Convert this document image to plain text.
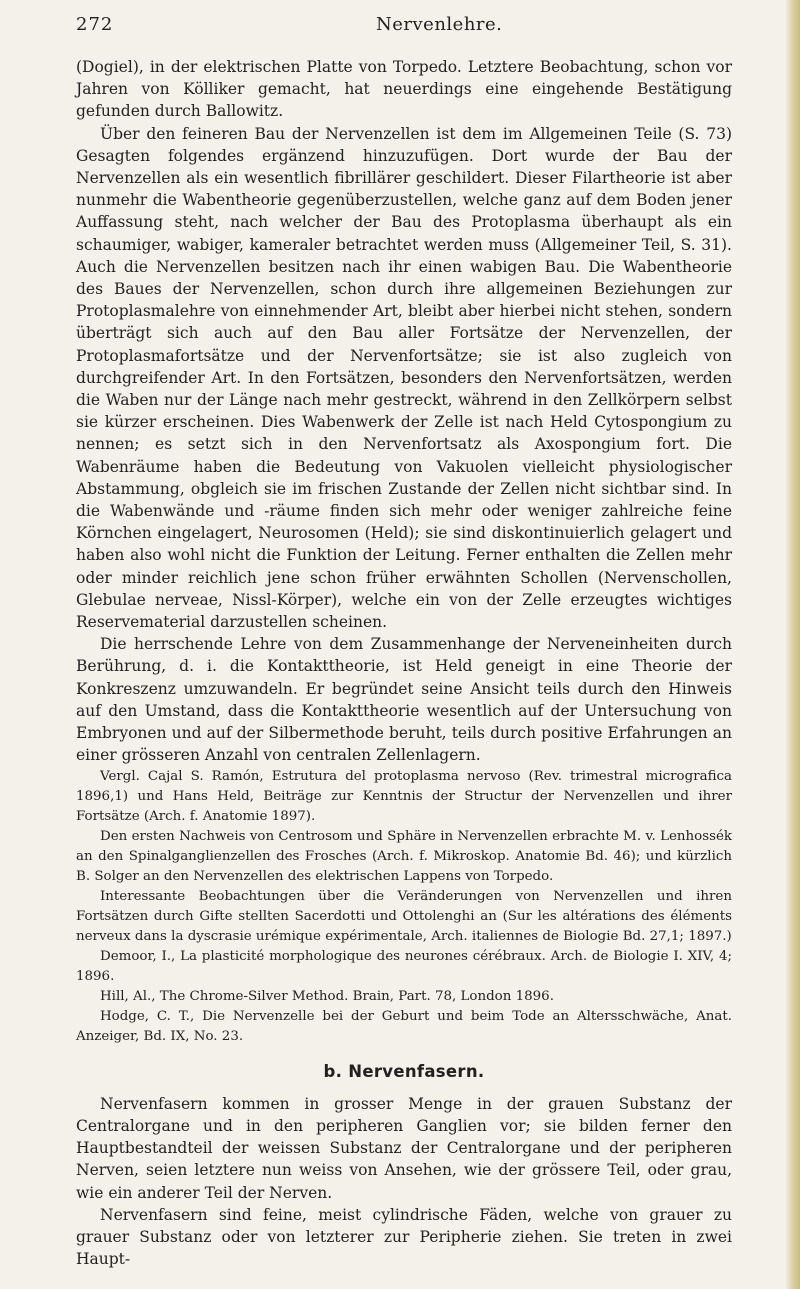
272	Nervenlehre.

(Dogiel), in der elektrischen Platte von Torpedo. Letztere Beobachtung, schon vor Jahren von Kölliker gemacht, hat neuerdings eine eingehende Bestätigung gefunden durch Ballowitz.

Über den feineren Bau der Nervenzellen ist dem im Allgemeinen Teile (S. 73) Gesagten folgendes ergänzend hinzuzufügen. Dort wurde der Bau der Nervenzellen als ein wesentlich fibrillärer geschildert. Dieser Filartheorie ist aber nunmehr die Wabentheorie gegenüberzustellen, welche ganz auf dem Boden jener Auffassung steht, nach welcher der Bau des Protoplasma überhaupt als ein schaumiger, wabiger, kameraler betrachtet werden muss (Allgemeiner Teil, S. 31). Auch die Nervenzellen besitzen nach ihr einen wabigen Bau. Die Wabentheorie des Baues der Nervenzellen, schon durch ihre allgemeinen Beziehungen zur Protoplasmalehre von einnehmender Art, bleibt aber hierbei nicht stehen, sondern überträgt sich auch auf den Bau aller Fortsätze der Nervenzellen, der Protoplasmafortsätze und der Nervenfortsätze; sie ist also zugleich von durchgreifender Art. In den Fortsätzen, besonders den Nervenfortsätzen, werden die Waben nur der Länge nach mehr gestreckt, während in den Zellkörpern selbst sie kürzer erscheinen. Dies Wabenwerk der Zelle ist nach Held Cytospongium zu nennen; es setzt sich in den Nervenfortsatz als Axospongium fort. Die Wabenräume haben die Bedeutung von Vakuolen vielleicht physiologischer Abstammung, obgleich sie im frischen Zustande der Zellen nicht sichtbar sind. In die Wabenwände und -räume finden sich mehr oder weniger zahlreiche feine Körnchen eingelagert, Neurosomen (Held); sie sind diskontinuierlich gelagert und haben also wohl nicht die Funktion der Leitung. Ferner enthalten die Zellen mehr oder minder reichlich jene schon früher erwähnten Schollen (Nervenschollen, Glebulae nerveae, Nissl-Körper), welche ein von der Zelle erzeugtes wichtiges Reservematerial darzustellen scheinen.

Die herrschende Lehre von dem Zusammenhange der Nerveneinheiten durch Berührung, d. i. die Kontakttheorie, ist Held geneigt in eine Theorie der Konkreszenz umzuwandeln. Er begründet seine Ansicht teils durch den Hinweis auf den Umstand, dass die Kontakttheorie wesentlich auf der Untersuchung von Embryonen und auf der Silbermethode beruht, teils durch positive Erfahrungen an einer grösseren Anzahl von centralen Zellenlagern.

Vergl. Cajal S. Ramón, Estrutura del protoplasma nervoso (Rev. trimestral micrografica 1896,1) und Hans Held, Beiträge zur Kenntnis der Structur der Nervenzellen und ihrer Fortsätze (Arch. f. Anatomie 1897).

Den ersten Nachweis von Centrosom und Sphäre in Nervenzellen erbrachte M. v. Lenhossék an den Spinalganglienzellen des Frosches (Arch. f. Mikroskop. Anatomie Bd. 46); und kürzlich B. Solger an den Nervenzellen des elektrischen Lappens von Torpedo.

Interessante Beobachtungen über die Veränderungen von Nervenzellen und ihren Fortsätzen durch Gifte stellten Sacerdotti und Ottolenghi an (Sur les altérations des éléments nerveux dans la dyscrasie urémique expérimentale, Arch. italiennes de Biologie Bd. 27,1; 1897.)

Demoor, I., La plasticité morphologique des neurones cérébraux. Arch. de Biologie I. XIV, 4; 1896.

Hill, Al., The Chrome-Silver Method. Brain, Part. 78, London 1896.

Hodge, C. T., Die Nervenzelle bei der Geburt und beim Tode an Altersschwäche, Anat. Anzeiger, Bd. IX, No. 23.

b. Nervenfasern.

Nervenfasern kommen in grosser Menge in der grauen Substanz der Centralorgane und in den peripheren Ganglien vor; sie bilden ferner den Hauptbestandteil der weissen Substanz der Centralorgane und der peripheren Nerven, seien letztere nun weiss von Ansehen, wie der grössere Teil, oder grau, wie ein anderer Teil der Nerven.

Nervenfasern sind feine, meist cylindrische Fäden, welche von grauer zu grauer Substanz oder von letzterer zur Peripherie ziehen. Sie treten in zwei Haupt-
